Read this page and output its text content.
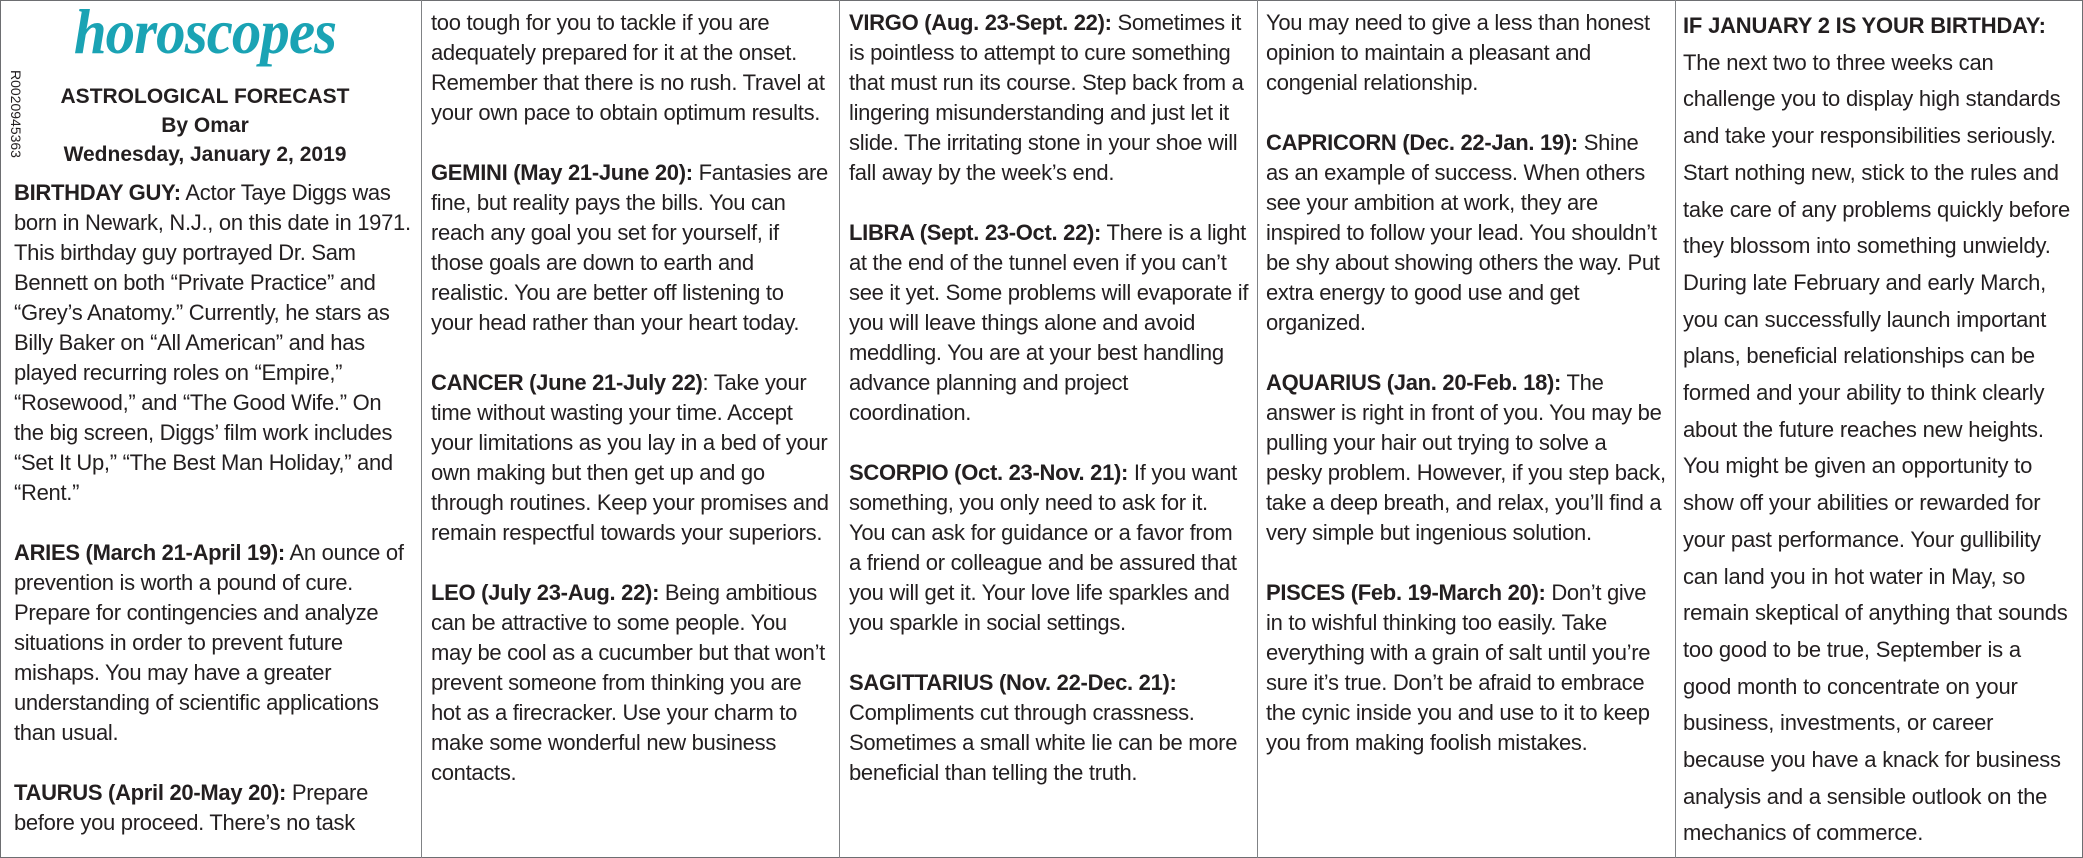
R0020945363
horoscopes
ASTROLOGICAL FORECAST
By Omar
Wednesday, January 2, 2019

BIRTHDAY GUY: Actor Taye Diggs was born in Newark, N.J., on this date in 1971. This birthday guy portrayed Dr. Sam Bennett on both “Private Practice” and “Grey’s Anatomy.” Currently, he stars as Billy Baker on “All American” and has played recurring roles on “Empire,” “Rosewood,” and “The Good Wife.” On the big screen, Diggs’ film work includes “Set It Up,” “The Best Man Holiday,” and “Rent.”

ARIES (March 21-April 19): An ounce of prevention is worth a pound of cure. Prepare for contingencies and analyze situations in order to prevent future mishaps. You may have a greater understanding of scientific applications than usual.

TAURUS (April 20-May 20): Prepare before you proceed. There’s no task

too tough for you to tackle if you are adequately prepared for it at the onset. Remember that there is no rush. Travel at your own pace to obtain optimum results.

GEMINI (May 21-June 20): Fantasies are fine, but reality pays the bills. You can reach any goal you set for yourself, if those goals are down to earth and realistic. You are better off listening to your head rather than your heart today.

CANCER (June 21-July 22): Take your time without wasting your time. Accept your limitations as you lay in a bed of your own making but then get up and go through routines. Keep your promises and remain respectful towards your superiors.

LEO (July 23-Aug. 22): Being ambitious can be attractive to some people. You may be cool as a cucumber but that won’t prevent someone from thinking you are hot as a firecracker. Use your charm to make some wonderful new business contacts.

VIRGO (Aug. 23-Sept. 22): Sometimes it is pointless to attempt to cure something that must run its course. Step back from a lingering misunderstanding and just let it slide. The irritating stone in your shoe will fall away by the week’s end.

LIBRA (Sept. 23-Oct. 22): There is a light at the end of the tunnel even if you can’t see it yet. Some problems will evaporate if you will leave things alone and avoid meddling. You are at your best handling advance planning and project coordination.

SCORPIO (Oct. 23-Nov. 21): If you want something, you only need to ask for it. You can ask for guidance or a favor from a friend or colleague and be assured that you will get it. Your love life sparkles and you sparkle in social settings.

SAGITTARIUS (Nov. 22-Dec. 21): Compliments cut through crassness. Sometimes a small white lie can be more beneficial than telling the truth.

You may need to give a less than honest opinion to maintain a pleasant and congenial relationship.

CAPRICORN (Dec. 22-Jan. 19): Shine as an example of success. When others see your ambition at work, they are inspired to follow your lead. You shouldn’t be shy about showing others the way. Put extra energy to good use and get organized.

AQUARIUS (Jan. 20-Feb. 18): The answer is right in front of you. You may be pulling your hair out trying to solve a pesky problem. However, if you step back, take a deep breath, and relax, you’ll find a very simple but ingenious solution.

PISCES (Feb. 19-March 20): Don’t give in to wishful thinking too easily. Take everything with a grain of salt until you’re sure it’s true. Don’t be afraid to embrace the cynic inside you and use to it to keep you from making foolish mistakes.

IF JANUARY 2 IS YOUR BIRTHDAY: The next two to three weeks can challenge you to display high standards and take your responsibilities seriously. Start nothing new, stick to the rules and take care of any problems quickly before they blossom into something unwieldy. During late February and early March, you can successfully launch important plans, beneficial relationships can be formed and your ability to think clearly about the future reaches new heights. You might be given an opportunity to show off your abilities or rewarded for your past performance. Your gullibility can land you in hot water in May, so remain skeptical of anything that sounds too good to be true, September is a good month to concentrate on your business, investments, or career because you have a knack for business analysis and a sensible outlook on the mechanics of commerce.
